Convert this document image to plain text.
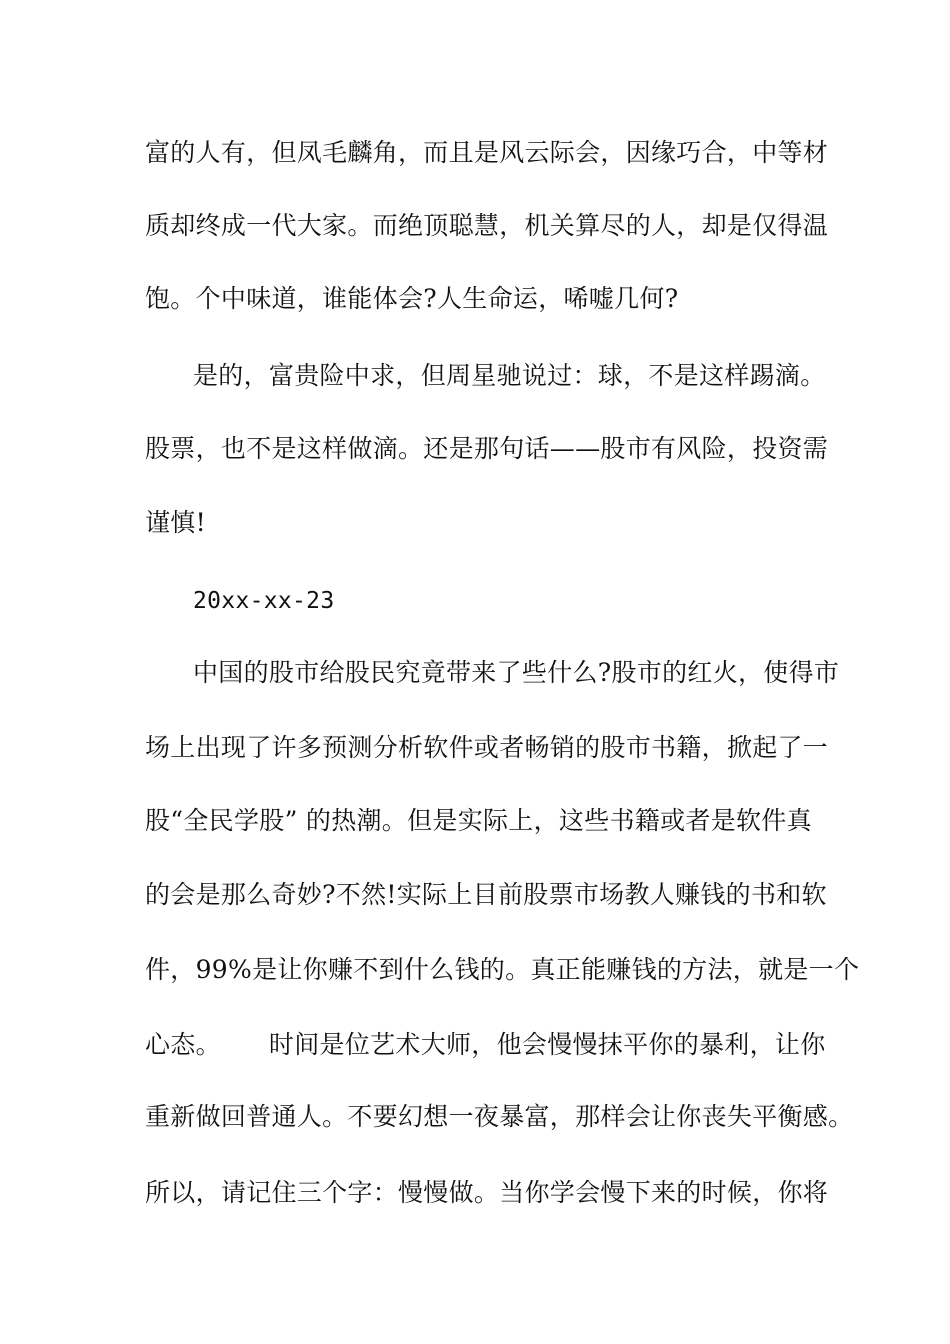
富的人有，但凤毛麟角，而且是风云际会，因缘巧合，中等材
质却终成一代大家。而绝顶聪慧，机关算尽的人，却是仅得温
饱。个中味道，谁能体会?人生命运，唏嘘几何?
是的，富贵险中求，但周星驰说过：球，不是这样踢滴。
股票，也不是这样做滴。还是那句话——股市有风险，投资需
谨慎!
20xx-xx-23
中国的股市给股民究竟带来了些什么?股市的红火，使得市
场上出现了许多预测分析软件或者畅销的股市书籍，掀起了一
股“全民学股” 的热潮。但是实际上，这些书籍或者是软件真
的会是那么奇妙?不然!实际上目前股票市场教人赚钱的书和软
件，99%是让你赚不到什么钱的。真正能赚钱的方法，就是一个
心态。 时间是位艺术大师，他会慢慢抹平你的暴利，让你
重新做回普通人。不要幻想一夜暴富，那样会让你丧失平衡感。
所以，请记住三个字：慢慢做。当你学会慢下来的时候，你将
